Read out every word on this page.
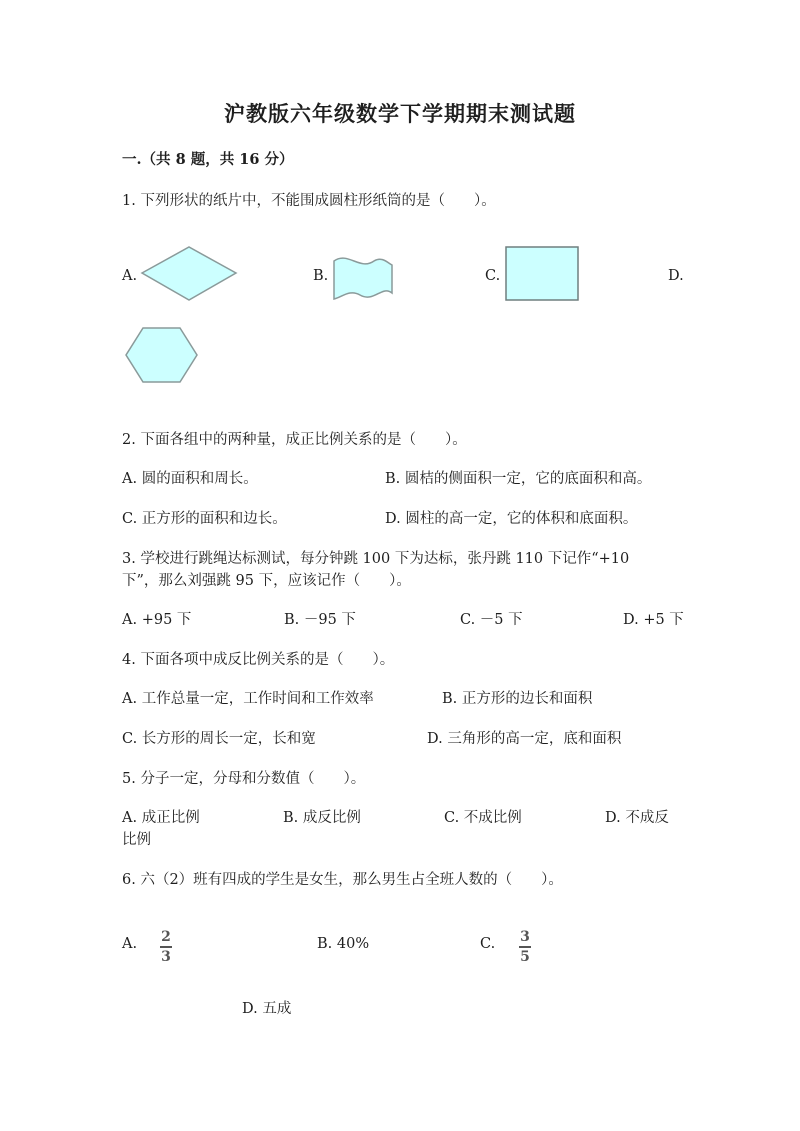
沪教版六年级数学下学期期末测试题
一.（共 8 题，共 16 分）
1. 下列形状的纸片中，不能围成圆柱形纸筒的是（　　）。
A.	B.	C.	D.
2. 下面各组中的两种量，成正比例关系的是（　　）。
A. 圆的面积和周长。	B. 圆桔的侧面积一定，它的底面积和高。
C. 正方形的面积和边长。	D. 圆柱的高一定，它的体积和底面积。
3. 学校进行跳绳达标测试，每分钟跳 100 下为达标，张丹跳 110 下记作“+10
下”，那么刘强跳 95 下，应该记作（　　）。
A. +95 下	B. －95 下	C. －5 下	D. +5 下
4. 下面各项中成反比例关系的是（　　）。
A. 工作总量一定，工作时间和工作效率	B. 正方形的边长和面积
C. 长方形的周长一定，长和宽	D. 三角形的高一定，底和面积
5. 分子一定，分母和分数值（　　）。
A. 成正比例	B. 成反比例	C. 不成比例	D. 不成反
比例
6. 六（2）班有四成的学生是女生，那么男生占全班人数的（　　）。
A. 2
3
B. 40%	C. 3
5
D. 五成
